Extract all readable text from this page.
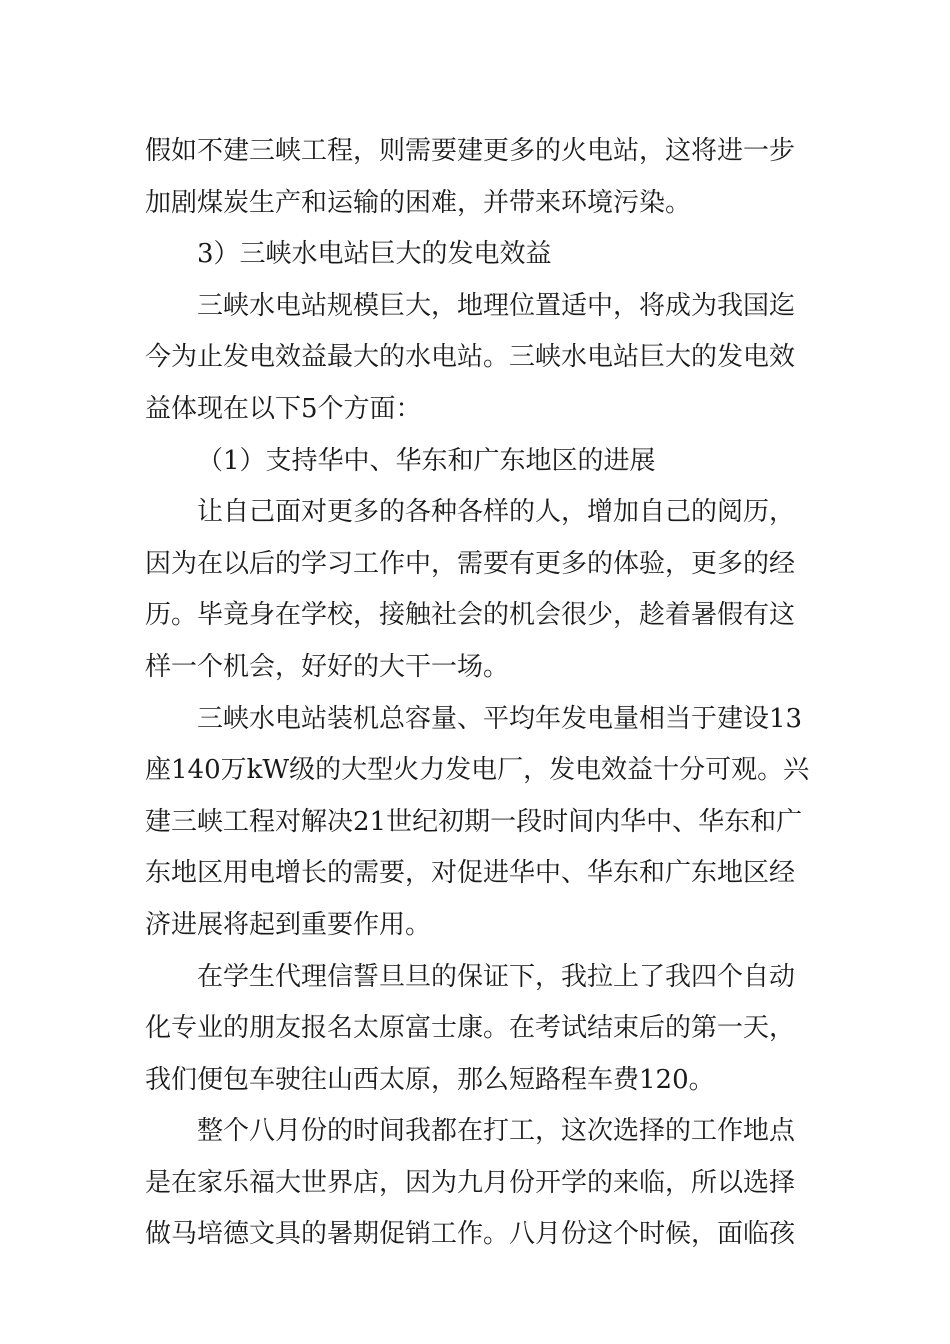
假如不建三峡工程，则需要建更多的火电站，这将进一步
加剧煤炭生产和运输的困难，并带来环境污染。
3）三峡水电站巨大的发电效益
三峡水电站规模巨大，地理位置适中，将成为我国迄
今为止发电效益最大的水电站。三峡水电站巨大的发电效
益体现在以下5个方面：
（1）支持华中、华东和广东地区的进展
让自己面对更多的各种各样的人，增加自己的阅历，
因为在以后的学习工作中，需要有更多的体验，更多的经
历。毕竟身在学校，接触社会的机会很少，趁着暑假有这
样一个机会，好好的大干一场。
三峡水电站装机总容量、平均年发电量相当于建设13
座140万kW级的大型火力发电厂，发电效益十分可观。兴
建三峡工程对解决21世纪初期一段时间内华中、华东和广
东地区用电增长的需要，对促进华中、华东和广东地区经
济进展将起到重要作用。
在学生代理信誓旦旦的保证下，我拉上了我四个自动
化专业的朋友报名太原富士康。在考试结束后的第一天，
我们便包车驶往山西太原，那么短路程车费120。
整个八月份的时间我都在打工，这次选择的工作地点
是在家乐福大世界店，因为九月份开学的来临，所以选择
做马培德文具的暑期促销工作。八月份这个时候，面临孩
